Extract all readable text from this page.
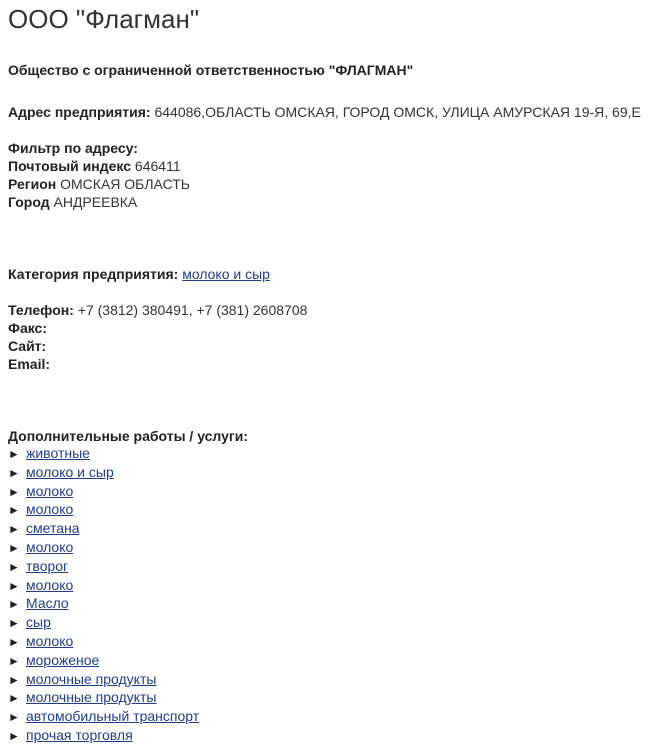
ООО "Флагман"
Общество с ограниченной ответственностью "ФЛАГМАН"
Адрес предприятия: 644086,ОБЛАСТЬ ОМСКАЯ, ГОРОД ОМСК, УЛИЦА АМУРСКАЯ 19-Я, 69,Е
Фильтр по адресу:
Почтовый индекс 646411
Регион ОМСКАЯ ОБЛАСТЬ
Город АНДРЕЕВКА
Категория предприятия: молоко и сыр
Телефон: +7 (3812) 380491, +7 (381) 2608708
Факс:
Сайт:
Email:
Дополнительные работы / услуги:
► животные
► молоко и сыр
► молоко
► молоко
► сметана
► молоко
► творог
► молоко
► Масло
► сыр
► молоко
► мороженое
► молочные продукты
► молочные продукты
► автомобильный транспорт
► прочая торговля
